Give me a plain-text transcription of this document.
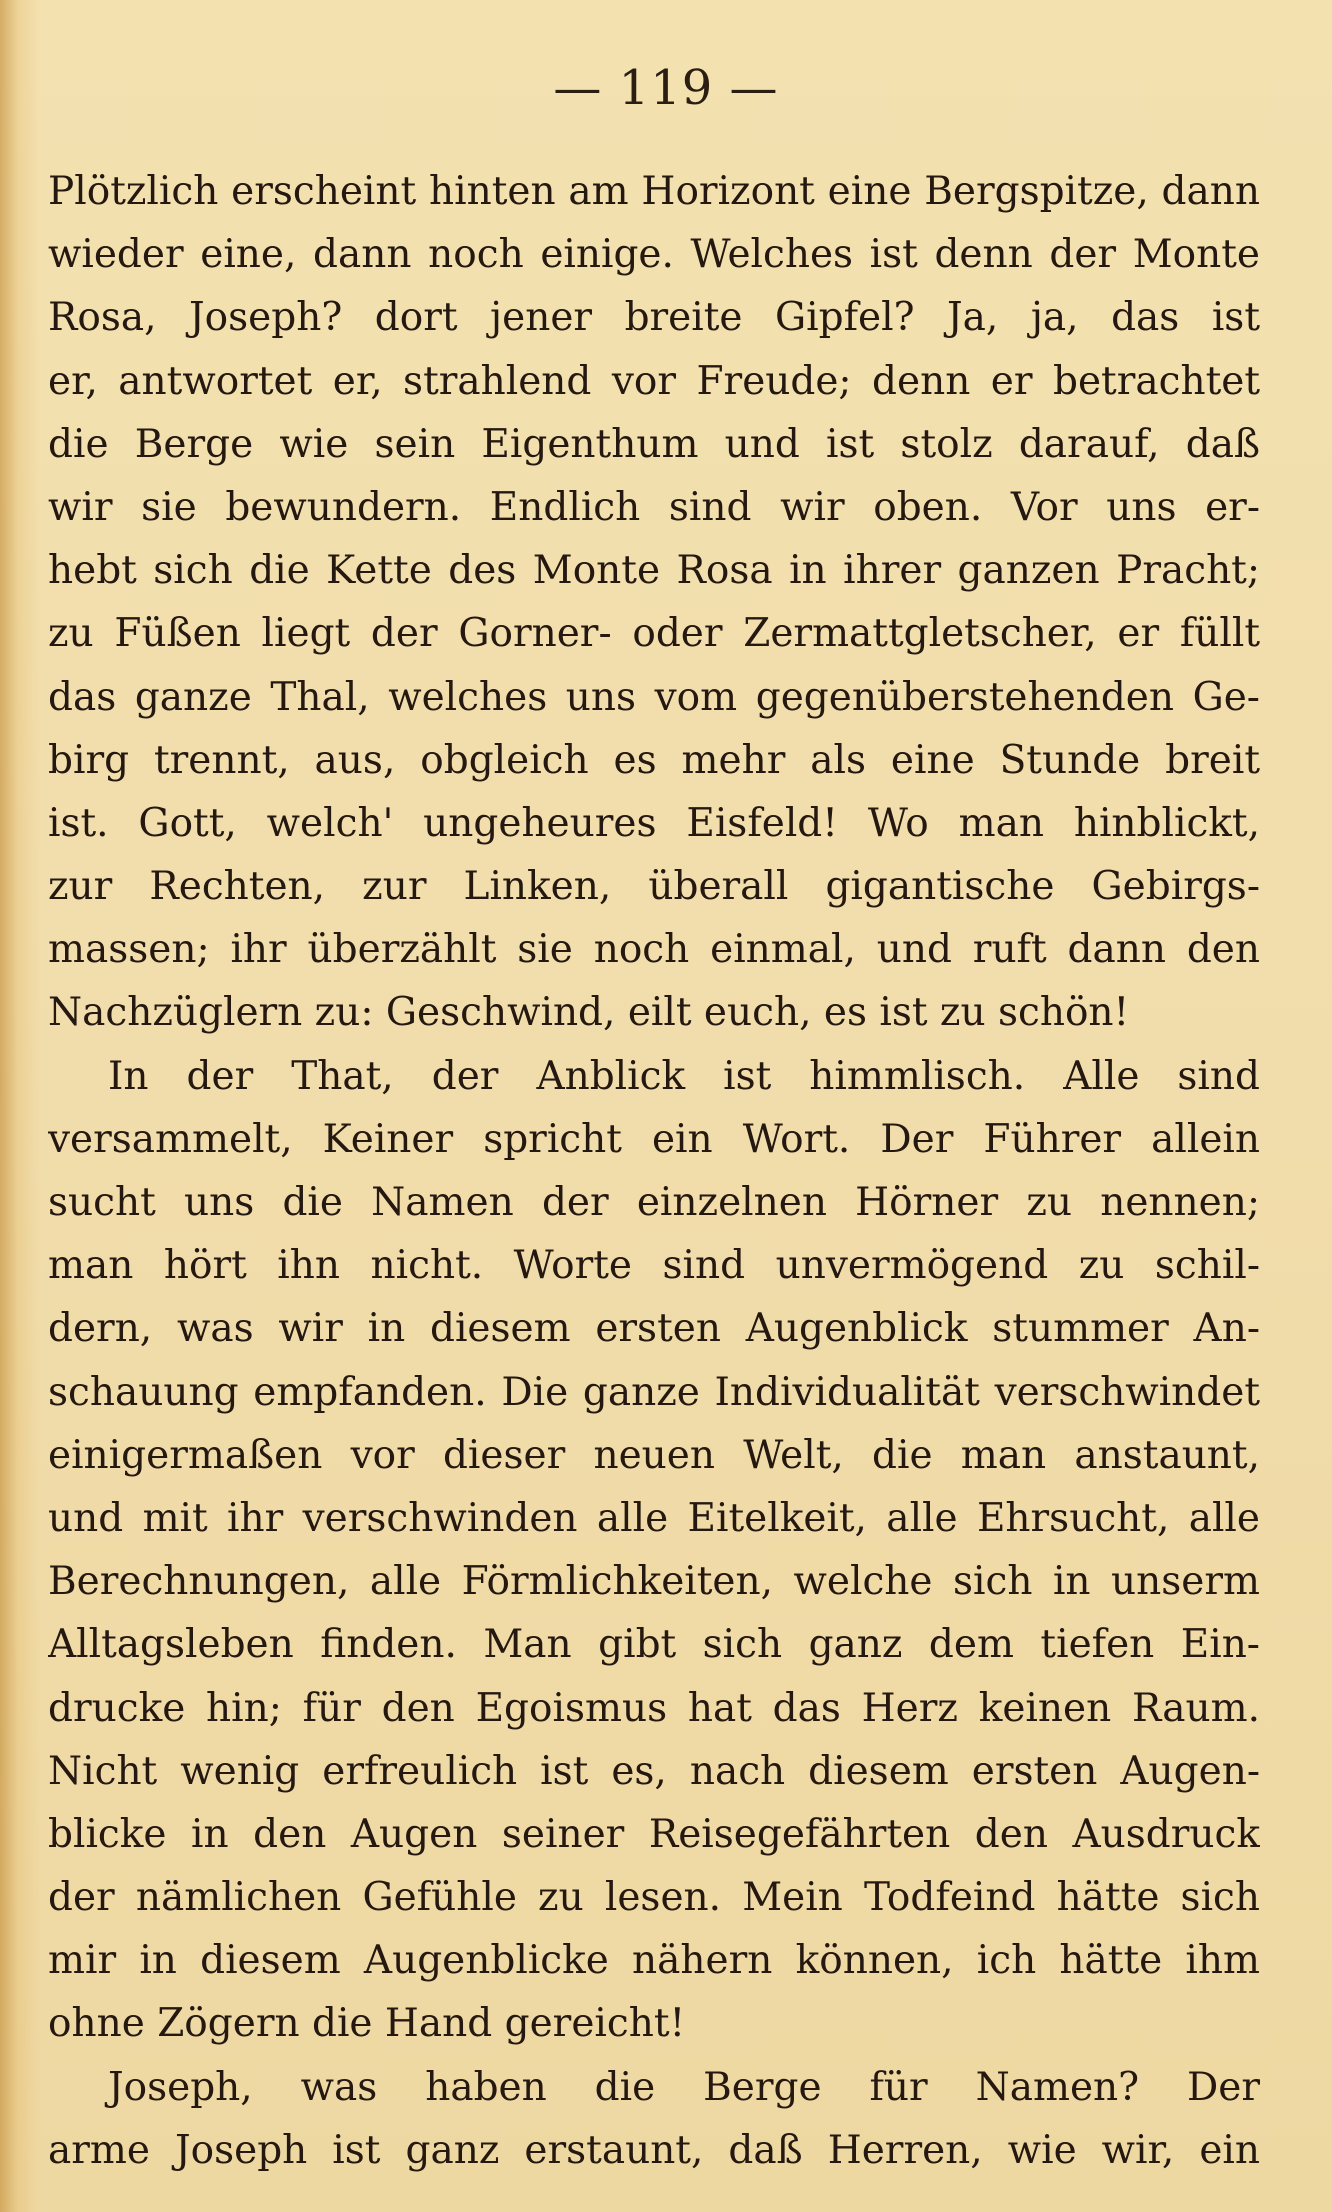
— 119 —
Plötzlich erscheint hinten am Horizont eine Bergspitze, dann
wieder eine, dann noch einige. Welches ist denn der Monte
Rosa, Joseph? dort jener breite Gipfel? Ja, ja, das ist
er, antwortet er, strahlend vor Freude; denn er betrachtet
die Berge wie sein Eigenthum und ist stolz darauf, daß
wir sie bewundern. Endlich sind wir oben. Vor uns er-
hebt sich die Kette des Monte Rosa in ihrer ganzen Pracht;
zu Füßen liegt der Gorner- oder Zermattgletscher, er füllt
das ganze Thal, welches uns vom gegenüberstehenden Ge-
birg trennt, aus, obgleich es mehr als eine Stunde breit
ist. Gott, welch' ungeheures Eisfeld! Wo man hinblickt,
zur Rechten, zur Linken, überall gigantische Gebirgs-
massen; ihr überzählt sie noch einmal, und ruft dann den
Nachzüglern zu: Geschwind, eilt euch, es ist zu schön!
In der That, der Anblick ist himmlisch. Alle sind
versammelt, Keiner spricht ein Wort. Der Führer allein
sucht uns die Namen der einzelnen Hörner zu nennen;
man hört ihn nicht. Worte sind unvermögend zu schil-
dern, was wir in diesem ersten Augenblick stummer An-
schauung empfanden. Die ganze Individualität verschwindet
einigermaßen vor dieser neuen Welt, die man anstaunt,
und mit ihr verschwinden alle Eitelkeit, alle Ehrsucht, alle
Berechnungen, alle Förmlichkeiten, welche sich in unserm
Alltagsleben finden. Man gibt sich ganz dem tiefen Ein-
drucke hin; für den Egoismus hat das Herz keinen Raum.
Nicht wenig erfreulich ist es, nach diesem ersten Augen-
blicke in den Augen seiner Reisegefährten den Ausdruck
der nämlichen Gefühle zu lesen. Mein Todfeind hätte sich
mir in diesem Augenblicke nähern können, ich hätte ihm
ohne Zögern die Hand gereicht!
Joseph, was haben die Berge für Namen? Der
arme Joseph ist ganz erstaunt, daß Herren, wie wir, ein
